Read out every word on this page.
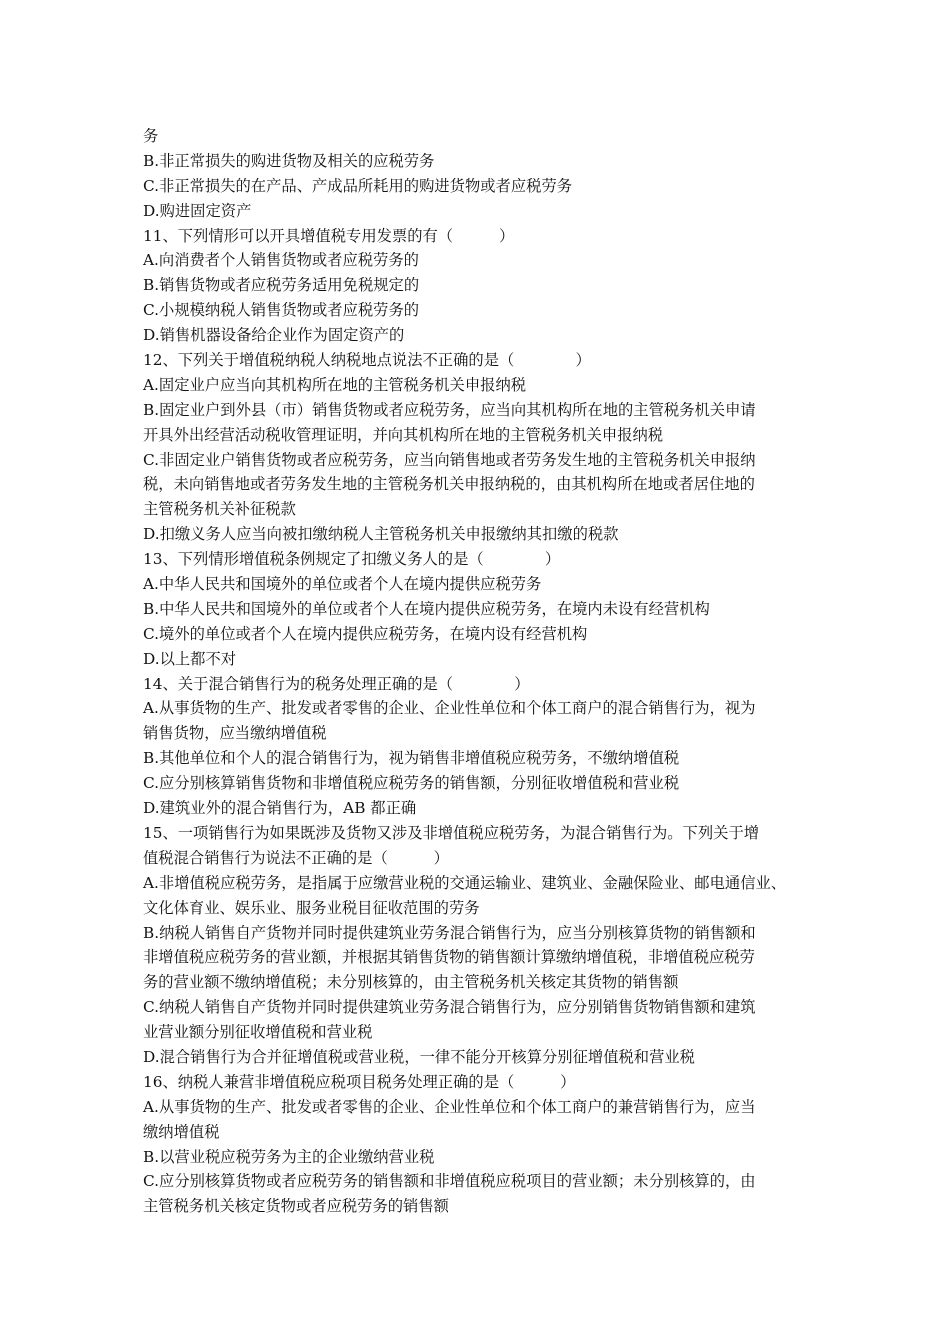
务
B.非正常损失的购进货物及相关的应税劳务
C.非正常损失的在产品、产成品所耗用的购进货物或者应税劳务
D.购进固定资产
11、下列情形可以开具增值税专用发票的有（　　　）
A.向消费者个人销售货物或者应税劳务的
B.销售货物或者应税劳务适用免税规定的
C.小规模纳税人销售货物或者应税劳务的
D.销售机器设备给企业作为固定资产的
12、下列关于增值税纳税人纳税地点说法不正确的是（　　　　）
A.固定业户应当向其机构所在地的主管税务机关申报纳税
B.固定业户到外县（市）销售货物或者应税劳务，应当向其机构所在地的主管税务机关申请
开具外出经营活动税收管理证明，并向其机构所在地的主管税务机关申报纳税
C.非固定业户销售货物或者应税劳务，应当向销售地或者劳务发生地的主管税务机关申报纳
税，未向销售地或者劳务发生地的主管税务机关申报纳税的，由其机构所在地或者居住地的
主管税务机关补征税款
D.扣缴义务人应当向被扣缴纳税人主管税务机关申报缴纳其扣缴的税款
13、下列情形增值税条例规定了扣缴义务人的是（　　　　）
A.中华人民共和国境外的单位或者个人在境内提供应税劳务
B.中华人民共和国境外的单位或者个人在境内提供应税劳务，在境内未设有经营机构
C.境外的单位或者个人在境内提供应税劳务，在境内设有经营机构
D.以上都不对
14、关于混合销售行为的税务处理正确的是（　　　　）
A.从事货物的生产、批发或者零售的企业、企业性单位和个体工商户的混合销售行为，视为
销售货物，应当缴纳增值税
B.其他单位和个人的混合销售行为，视为销售非增值税应税劳务，不缴纳增值税
C.应分别核算销售货物和非增值税应税劳务的销售额，分别征收增值税和营业税
D.建筑业外的混合销售行为，AB 都正确
15、一项销售行为如果既涉及货物又涉及非增值税应税劳务，为混合销售行为。下列关于增
值税混合销售行为说法不正确的是（　　　）
A.非增值税应税劳务，是指属于应缴营业税的交通运输业、建筑业、金融保险业、邮电通信业、
文化体育业、娱乐业、服务业税目征收范围的劳务
B.纳税人销售自产货物并同时提供建筑业劳务混合销售行为，应当分别核算货物的销售额和
非增值税应税劳务的营业额，并根据其销售货物的销售额计算缴纳增值税，非增值税应税劳
务的营业额不缴纳增值税；未分别核算的，由主管税务机关核定其货物的销售额
C.纳税人销售自产货物并同时提供建筑业劳务混合销售行为，应分别销售货物销售额和建筑
业营业额分别征收增值税和营业税
D.混合销售行为合并征增值税或营业税，一律不能分开核算分别征增值税和营业税
16、纳税人兼营非增值税应税项目税务处理正确的是（　　　）
A.从事货物的生产、批发或者零售的企业、企业性单位和个体工商户的兼营销售行为，应当
缴纳增值税
B.以营业税应税劳务为主的企业缴纳营业税
C.应分别核算货物或者应税劳务的销售额和非增值税应税项目的营业额；未分别核算的，由
主管税务机关核定货物或者应税劳务的销售额
